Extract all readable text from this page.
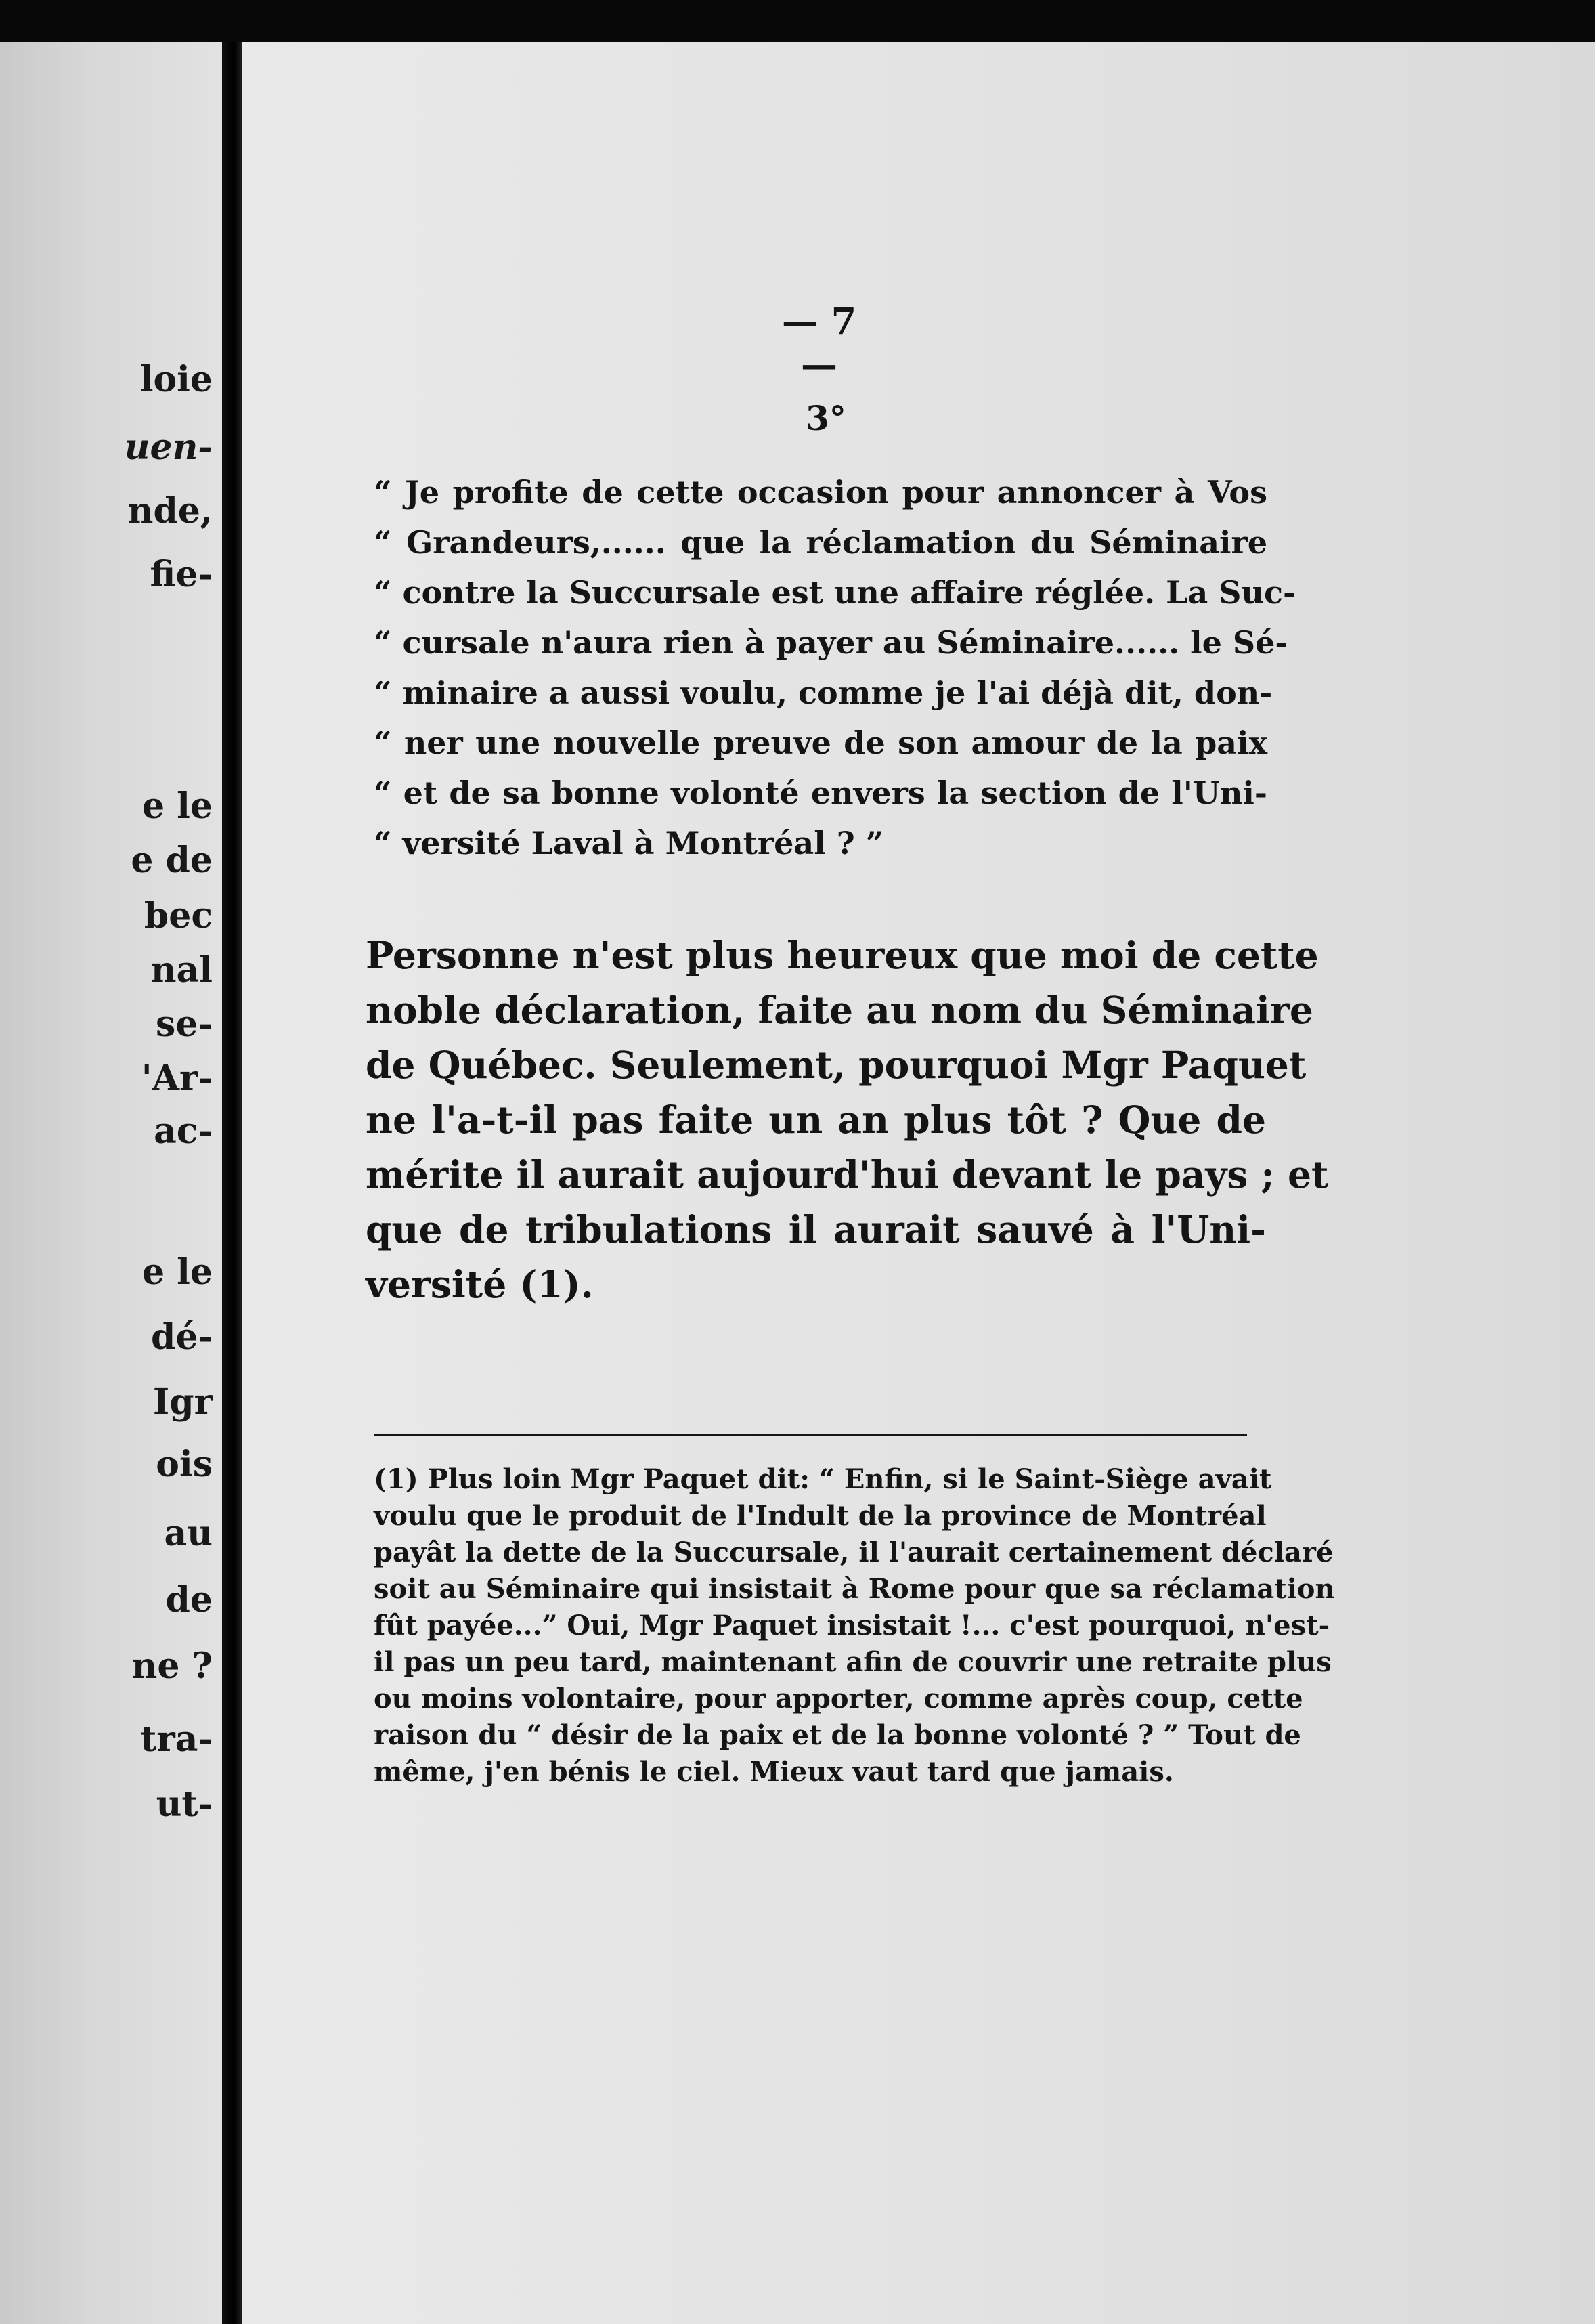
loie
uen-
nde,
fie-
e le
e de
bec
nal
se-
'Ar-
ac-
e le
dé-
Igr
ois
au
de
ne ?
tra-
ut-
— 7 —
3°
“ Je profite de cette occasion pour annoncer à Vos
“ Grandeurs,...... que la réclamation du Séminaire
“ contre la Succursale est une affaire réglée. La Suc-
“ cursale n'aura rien à payer au Séminaire...... le Sé-
“ minaire a aussi voulu, comme je l'ai déjà dit, don-
“ ner une nouvelle preuve de son amour de la paix
“ et de sa bonne volonté envers la section de l'Uni-
“ versité Laval à Montréal ? ”
Personne n'est plus heureux que moi de cette
noble déclaration, faite au nom du Séminaire
de Québec. Seulement, pourquoi Mgr Paquet
ne l'a-t-il pas faite un an plus tôt ? Que de
mérite il aurait aujourd'hui devant le pays ; et
que de tribulations il aurait sauvé à l'Uni-
versité (1).
(1) Plus loin Mgr Paquet dit: “ Enfin, si le Saint-Siège avait
voulu que le produit de l'Indult de la province de Montréal
payât la dette de la Succursale, il l'aurait certainement déclaré
soit au Séminaire qui insistait à Rome pour que sa réclamation
fût payée...” Oui, Mgr Paquet insistait !... c'est pourquoi, n'est-
il pas un peu tard, maintenant afin de couvrir une retraite plus
ou moins volontaire, pour apporter, comme après coup, cette
raison du “ désir de la paix et de la bonne volonté ? ” Tout de
même, j'en bénis le ciel. Mieux vaut tard que jamais.
